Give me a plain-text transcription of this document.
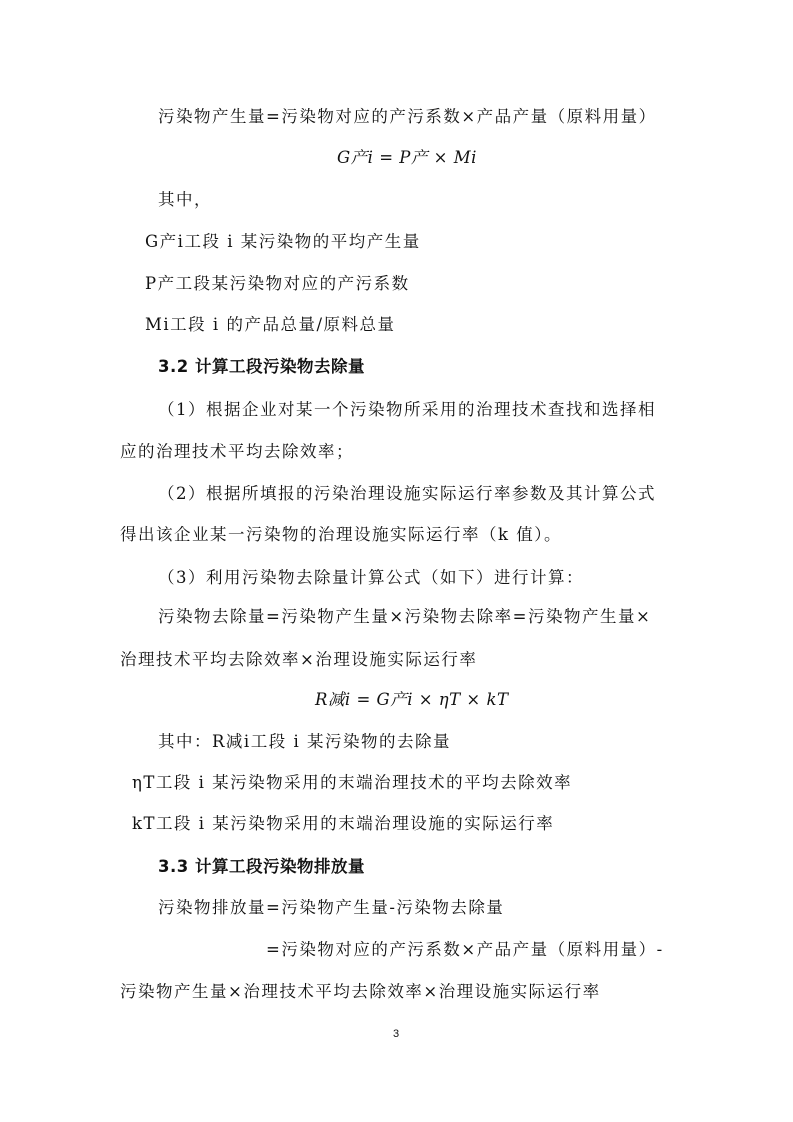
污染物产生量=污染物对应的产污系数×产品产量（原料用量）
G产i = P产 × Mi
其中，
G产i工段 i 某污染物的平均产生量
P产工段某污染物对应的产污系数
Mi工段 i 的产品总量/原料总量
3.2 计算工段污染物去除量
（1）根据企业对某一个污染物所采用的治理技术查找和选择相
应的治理技术平均去除效率；
（2）根据所填报的污染治理设施实际运行率参数及其计算公式
得出该企业某一污染物的治理设施实际运行率（k 值）。
（3）利用污染物去除量计算公式（如下）进行计算：
污染物去除量=污染物产生量×污染物去除率=污染物产生量×
治理技术平均去除效率×治理设施实际运行率
R减i = G产i × ηT × kT
其中：R减i工段 i 某污染物的去除量
ηT工段 i 某污染物采用的末端治理技术的平均去除效率
kT工段 i 某污染物采用的末端治理设施的实际运行率
3.3 计算工段污染物排放量
污染物排放量=污染物产生量-污染物去除量
=污染物对应的产污系数×产品产量（原料用量）-
污染物产生量×治理技术平均去除效率×治理设施实际运行率
3
